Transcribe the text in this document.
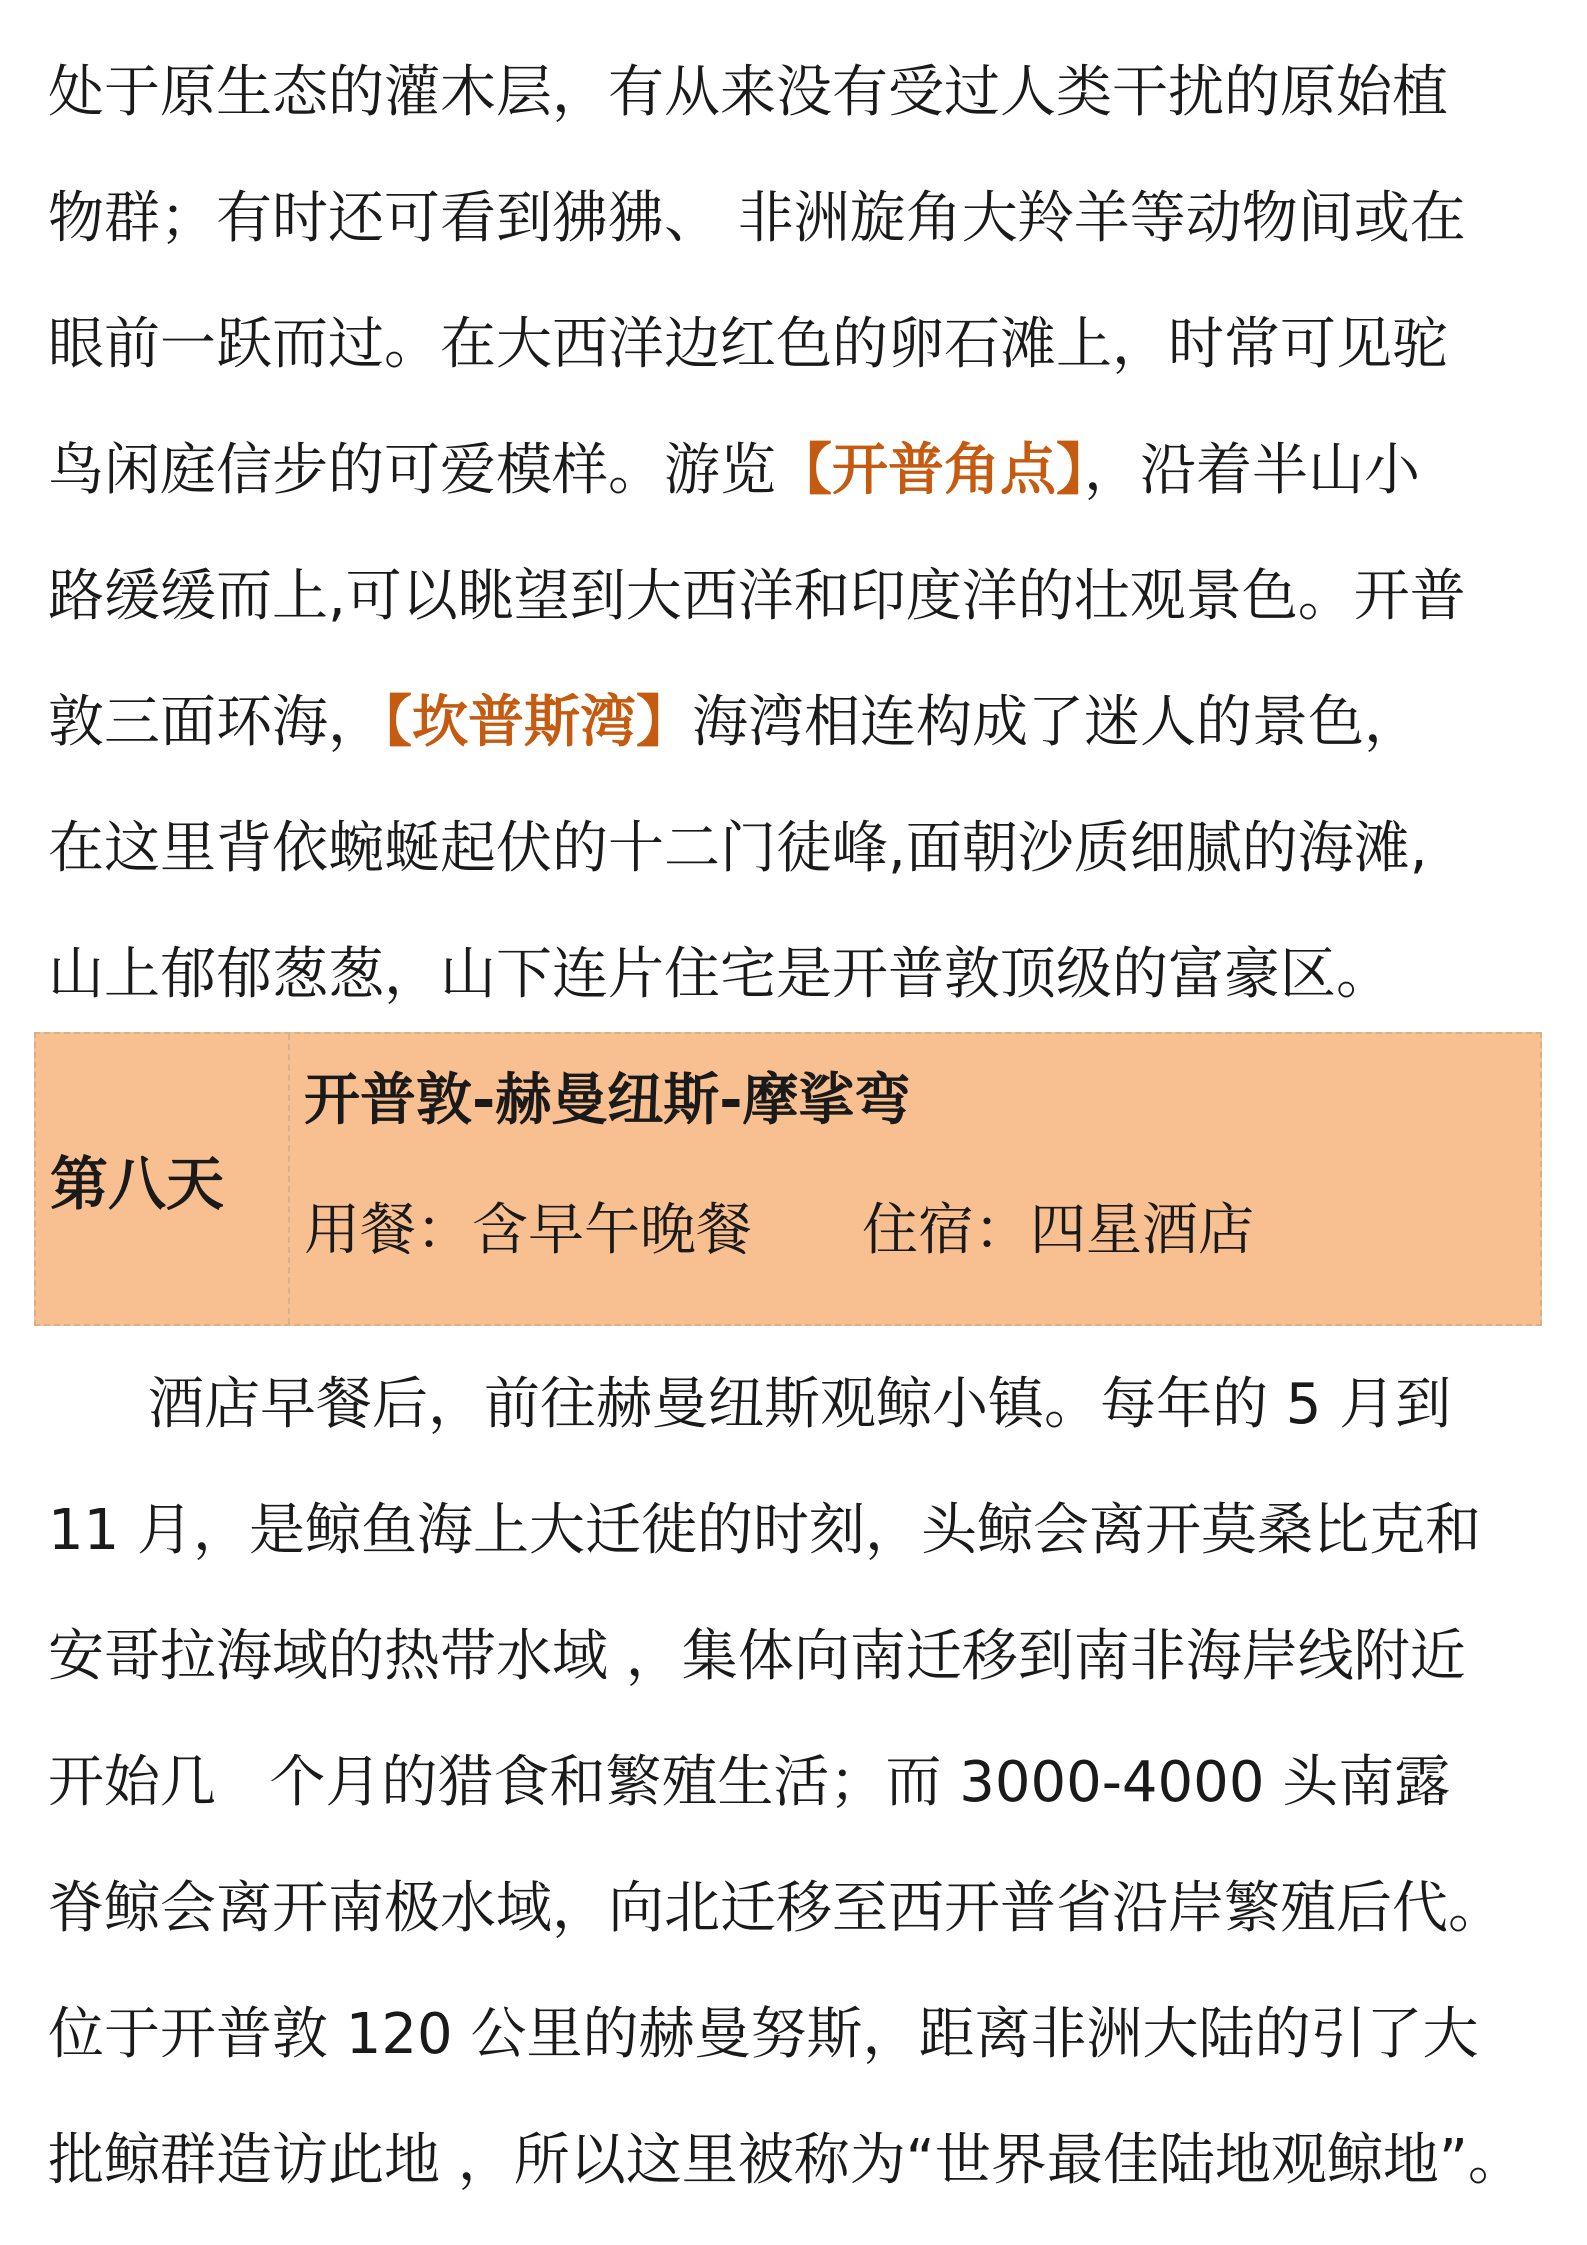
处于原生态的灌木层，有从来没有受过人类干扰的原始植
物群；有时还可看到狒狒、 非洲旋角大羚羊等动物间或在
眼前一跃而过。在大西洋边红色的卵石滩上，时常可见驼
鸟闲庭信步的可爱模样。游览【开普角点】，沿着半山小
路缓缓而上,可以眺望到大西洋和印度洋的壮观景色。开普
敦三面环海，【坎普斯湾】海湾相连构成了迷人的景色，
在这里背依蜿蜒起伏的十二门徒峰,面朝沙质细腻的海滩,
山上郁郁葱葱，山下连片住宅是开普敦顶级的富豪区。
第八天
开普敦-赫曼纽斯-摩挲弯
用餐：含早午晚餐 住宿：四星酒店
酒店早餐后，前往赫曼纽斯观鲸小镇。每年的 5 月到
11 月，是鲸鱼海上大迁徙的时刻，头鲸会离开莫桑比克和
安哥拉海域的热带水域 ，集体向南迁移到南非海岸线附近
开始几   个月的猎食和繁殖生活；而 3000-4000 头南露
脊鲸会离开南极水域，向北迁移至西开普省沿岸繁殖后代。
位于开普敦 120 公里的赫曼努斯，距离非洲大陆的引了大
批鲸群造访此地 ，所以这里被称为“世界最佳陆地观鲸地”。
